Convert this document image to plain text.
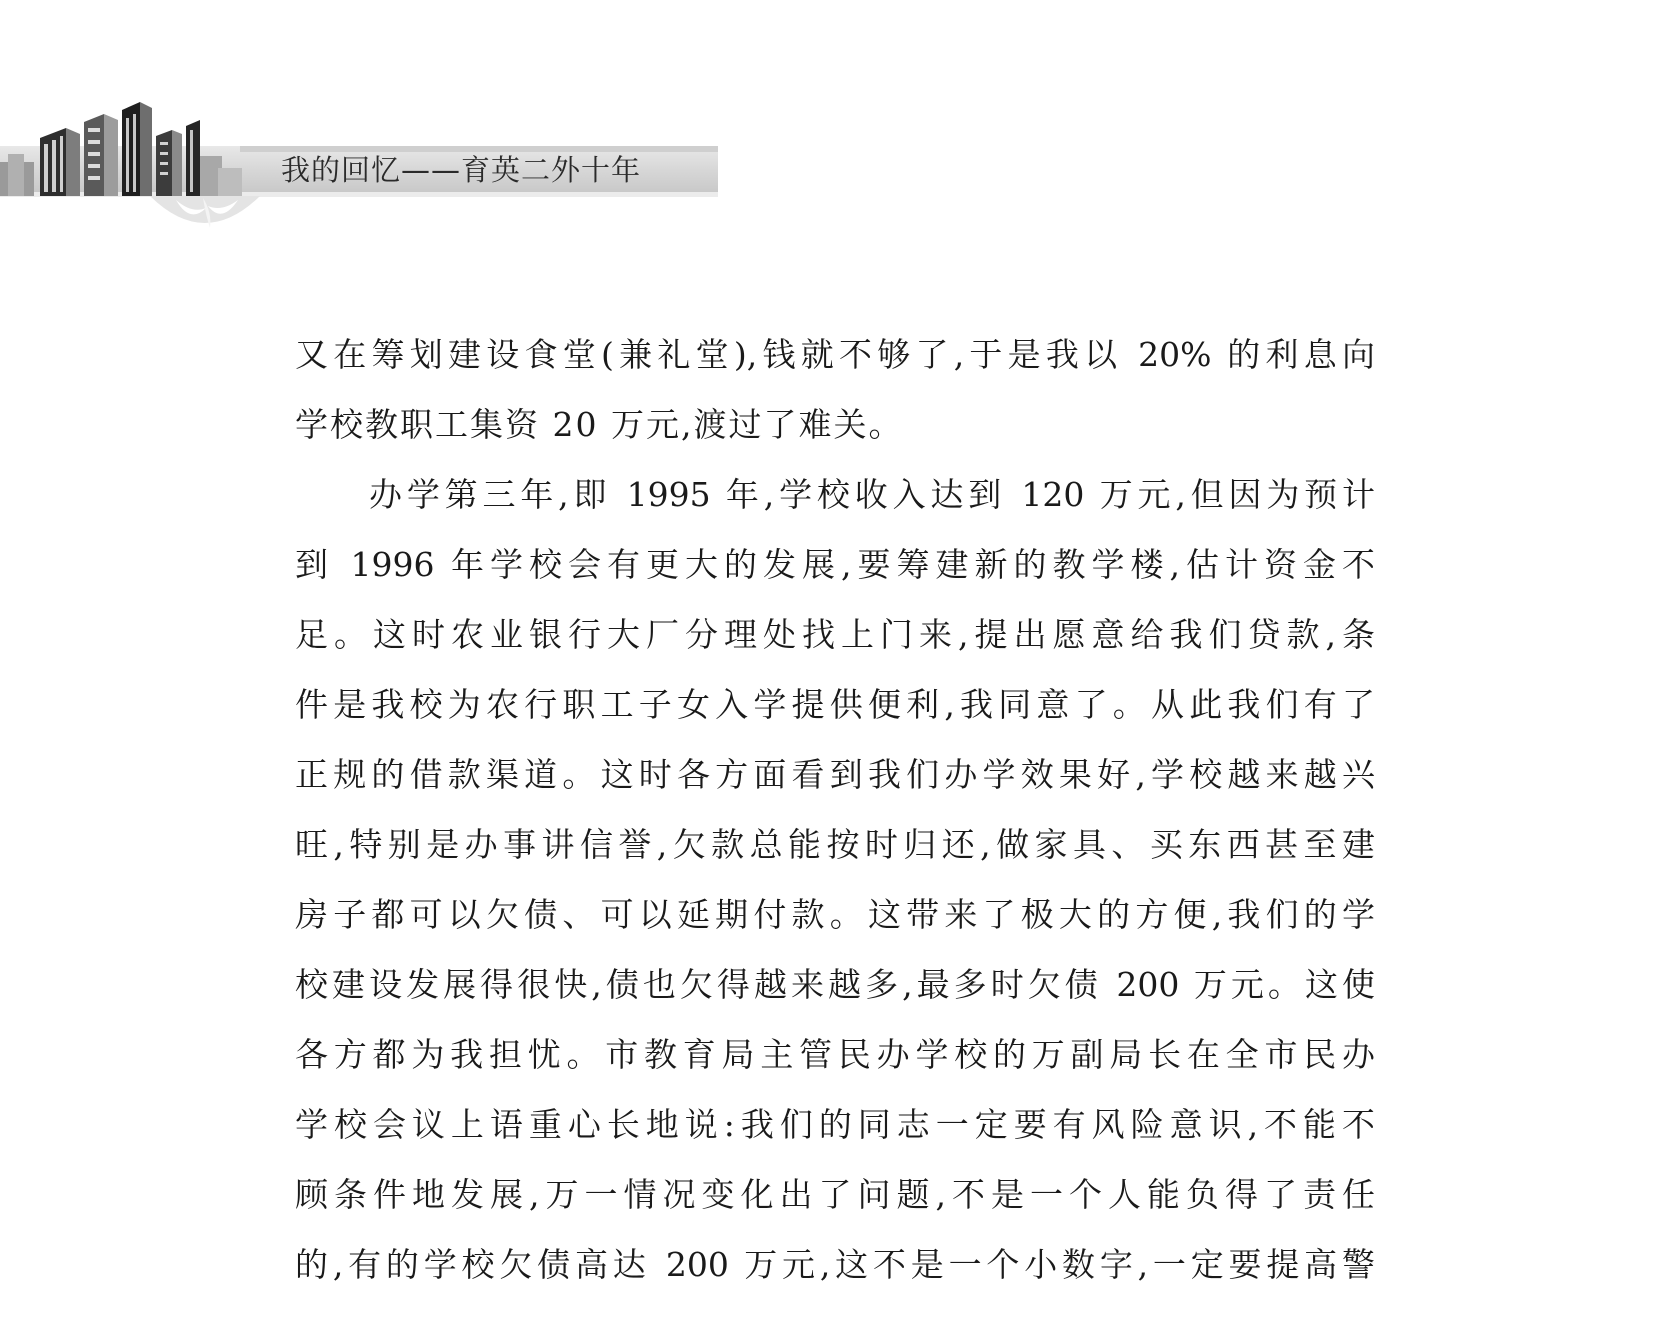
我的回忆——育英二外十年
又在筹划建设食堂(兼礼堂),钱就不够了,于是我以 20% 的利息向
学校教职工集资 20 万元,渡过了难关。
办学第三年,即 1995 年,学校收入达到 120 万元,但因为预计
到 1996 年学校会有更大的发展,要筹建新的教学楼,估计资金不
足。这时农业银行大厂分理处找上门来,提出愿意给我们贷款,条
件是我校为农行职工子女入学提供便利,我同意了。从此我们有了
正规的借款渠道。这时各方面看到我们办学效果好,学校越来越兴
旺,特别是办事讲信誉,欠款总能按时归还,做家具、买东西甚至建
房子都可以欠债、可以延期付款。这带来了极大的方便,我们的学
校建设发展得很快,债也欠得越来越多,最多时欠债 200 万元。这使
各方都为我担忧。市教育局主管民办学校的万副局长在全市民办
学校会议上语重心长地说:我们的同志一定要有风险意识,不能不
顾条件地发展,万一情况变化出了问题,不是一个人能负得了责任
的,有的学校欠债高达 200 万元,这不是一个小数字,一定要提高警
